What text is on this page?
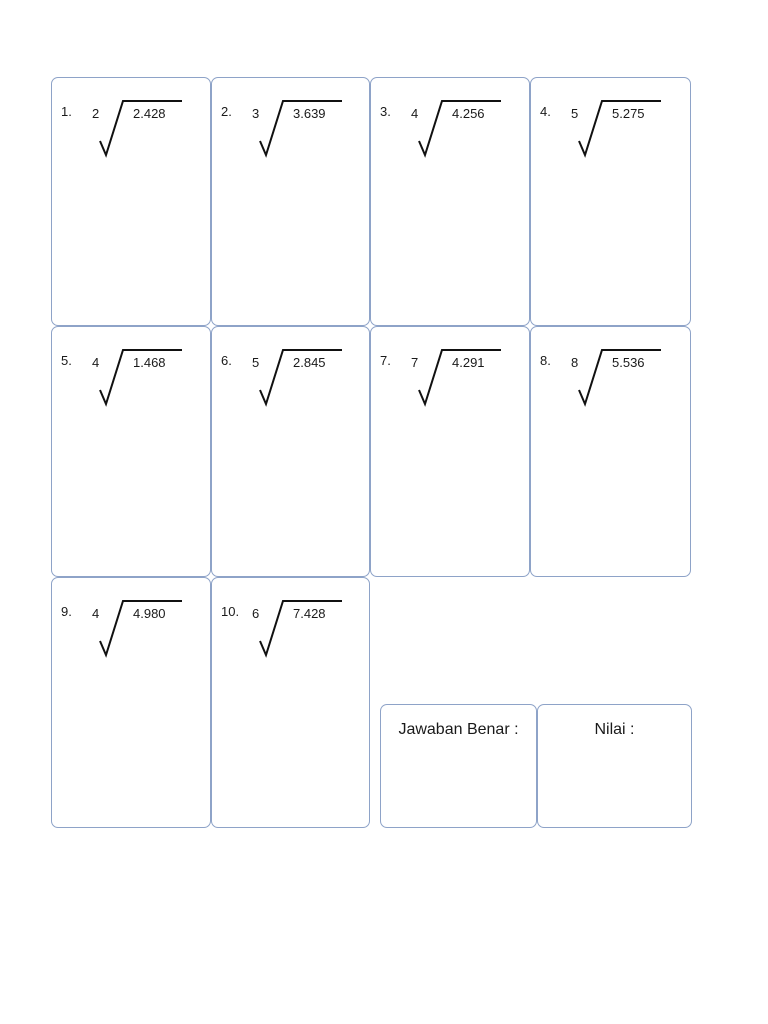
1. 2	2.428	2. 3	3.639	3. 4	4.256	4. 5	5.275
5. 4	1.468	6. 5	2.845	7. 7	4.291	8. 8	5.536
9. 4	4.980	10. 6	7.428
Jawaban Benar :	Nilai :
